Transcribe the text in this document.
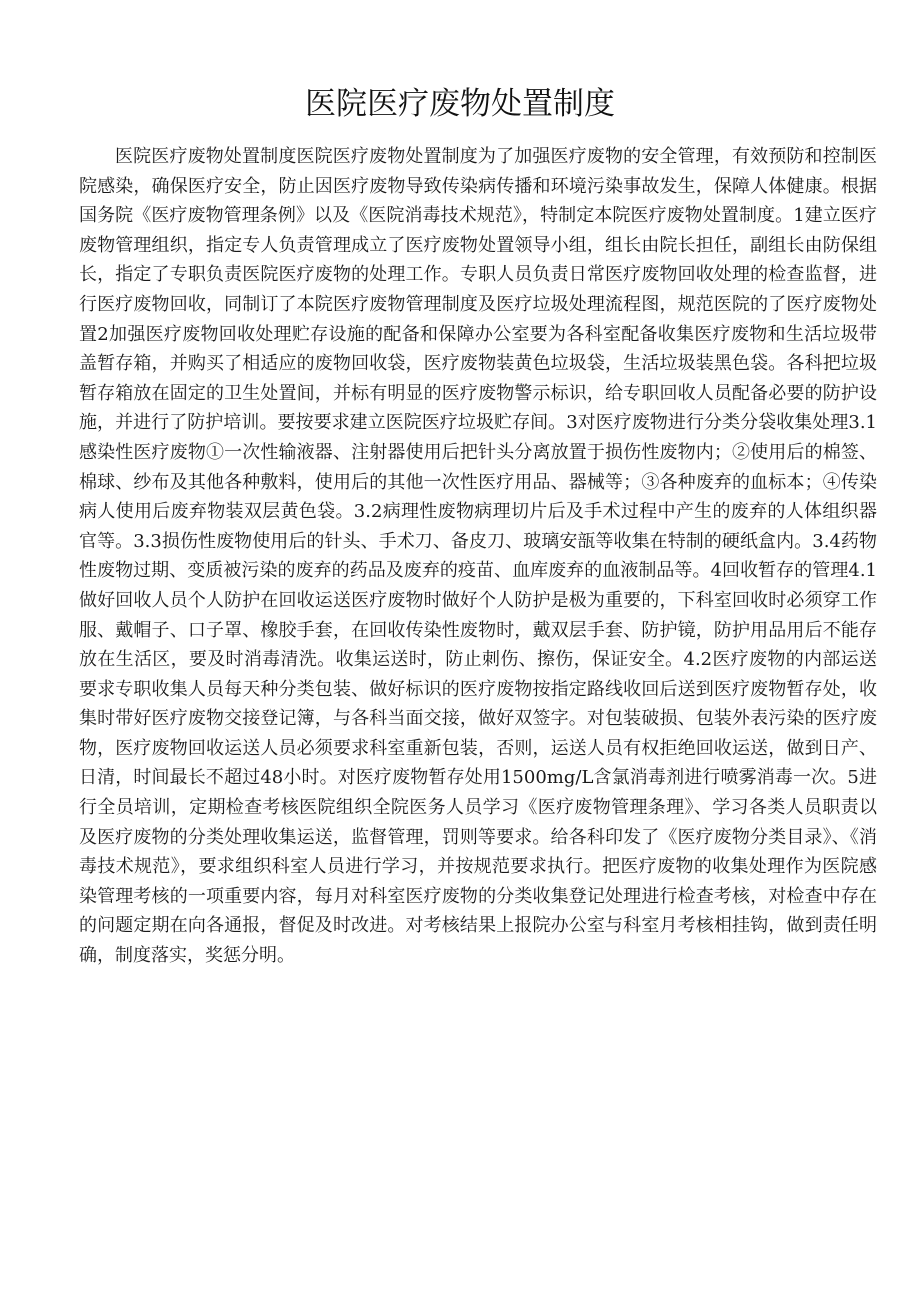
医院医疗废物处置制度

医院医疗废物处置制度医院医疗废物处置制度为了加强医疗废物的安全管理，有效预防和控制医院感染，确保医疗安全，防止因医疗废物导致传染病传播和环境污染事故发生，保障人体健康。根据国务院《医疗废物管理条例》以及《医院消毒技术规范》，特制定本院医疗废物处置制度。1建立医疗废物管理组织，指定专人负责管理成立了医疗废物处置领导小组，组长由院长担任，副组长由防保组长，指定了专职负责医院医疗废物的处理工作。专职人员负责日常医疗废物回收处理的检查监督，进行医疗废物回收，同制订了本院医疗废物管理制度及医疗垃圾处理流程图，规范医院的了医疗废物处置2加强医疗废物回收处理贮存设施的配备和保障办公室要为各科室配备收集医疗废物和生活垃圾带盖暂存箱，并购买了相适应的废物回收袋，医疗废物装黄色垃圾袋，生活垃圾装黑色袋。各科把垃圾暂存箱放在固定的卫生处置间，并标有明显的医疗废物警示标识，给专职回收人员配备必要的防护设施，并进行了防护培训。要按要求建立医院医疗垃圾贮存间。3对医疗废物进行分类分袋收集处理3.1感染性医疗废物①一次性输液器、注射器使用后把针头分离放置于损伤性废物内；②使用后的棉签、棉球、纱布及其他各种敷料，使用后的其他一次性医疗用品、器械等；③各种废弃的血标本；④传染病人使用后废弃物装双层黄色袋。3.2病理性废物病理切片后及手术过程中产生的废弃的人体组织器官等。3.3损伤性废物使用后的针头、手术刀、备皮刀、玻璃安瓿等收集在特制的硬纸盒内。3.4药物性废物过期、变质被污染的废弃的药品及废弃的疫苗、血库废弃的血液制品等。4回收暂存的管理4.1做好回收人员个人防护在回收运送医疗废物时做好个人防护是极为重要的，下科室回收时必须穿工作服、戴帽子、口子罩、橡胶手套，在回收传染性废物时，戴双层手套、防护镜，防护用品用后不能存放在生活区，要及时消毒清洗。收集运送时，防止刺伤、擦伤，保证安全。4.2医疗废物的内部运送要求专职收集人员每天种分类包装、做好标识的医疗废物按指定路线收回后送到医疗废物暂存处，收集时带好医疗废物交接登记簿，与各科当面交接，做好双签字。对包装破损、包装外表污染的医疗废物，医疗废物回收运送人员必须要求科室重新包装，否则，运送人员有权拒绝回收运送，做到日产、日清，时间最长不超过48小时。对医疗废物暂存处用1500mg/L含氯消毒剂进行喷雾消毒一次。5进行全员培训，定期检查考核医院组织全院医务人员学习《医疗废物管理条理》、学习各类人员职责以及医疗废物的分类处理收集运送，监督管理，罚则等要求。给各科印发了《医疗废物分类目录》、《消毒技术规范》，要求组织科室人员进行学习，并按规范要求执行。把医疗废物的收集处理作为医院感染管理考核的一项重要内容，每月对科室医疗废物的分类收集登记处理进行检查考核，对检查中存在的问题定期在向各通报，督促及时改进。对考核结果上报院办公室与科室月考核相挂钩，做到责任明确，制度落实，奖惩分明。
